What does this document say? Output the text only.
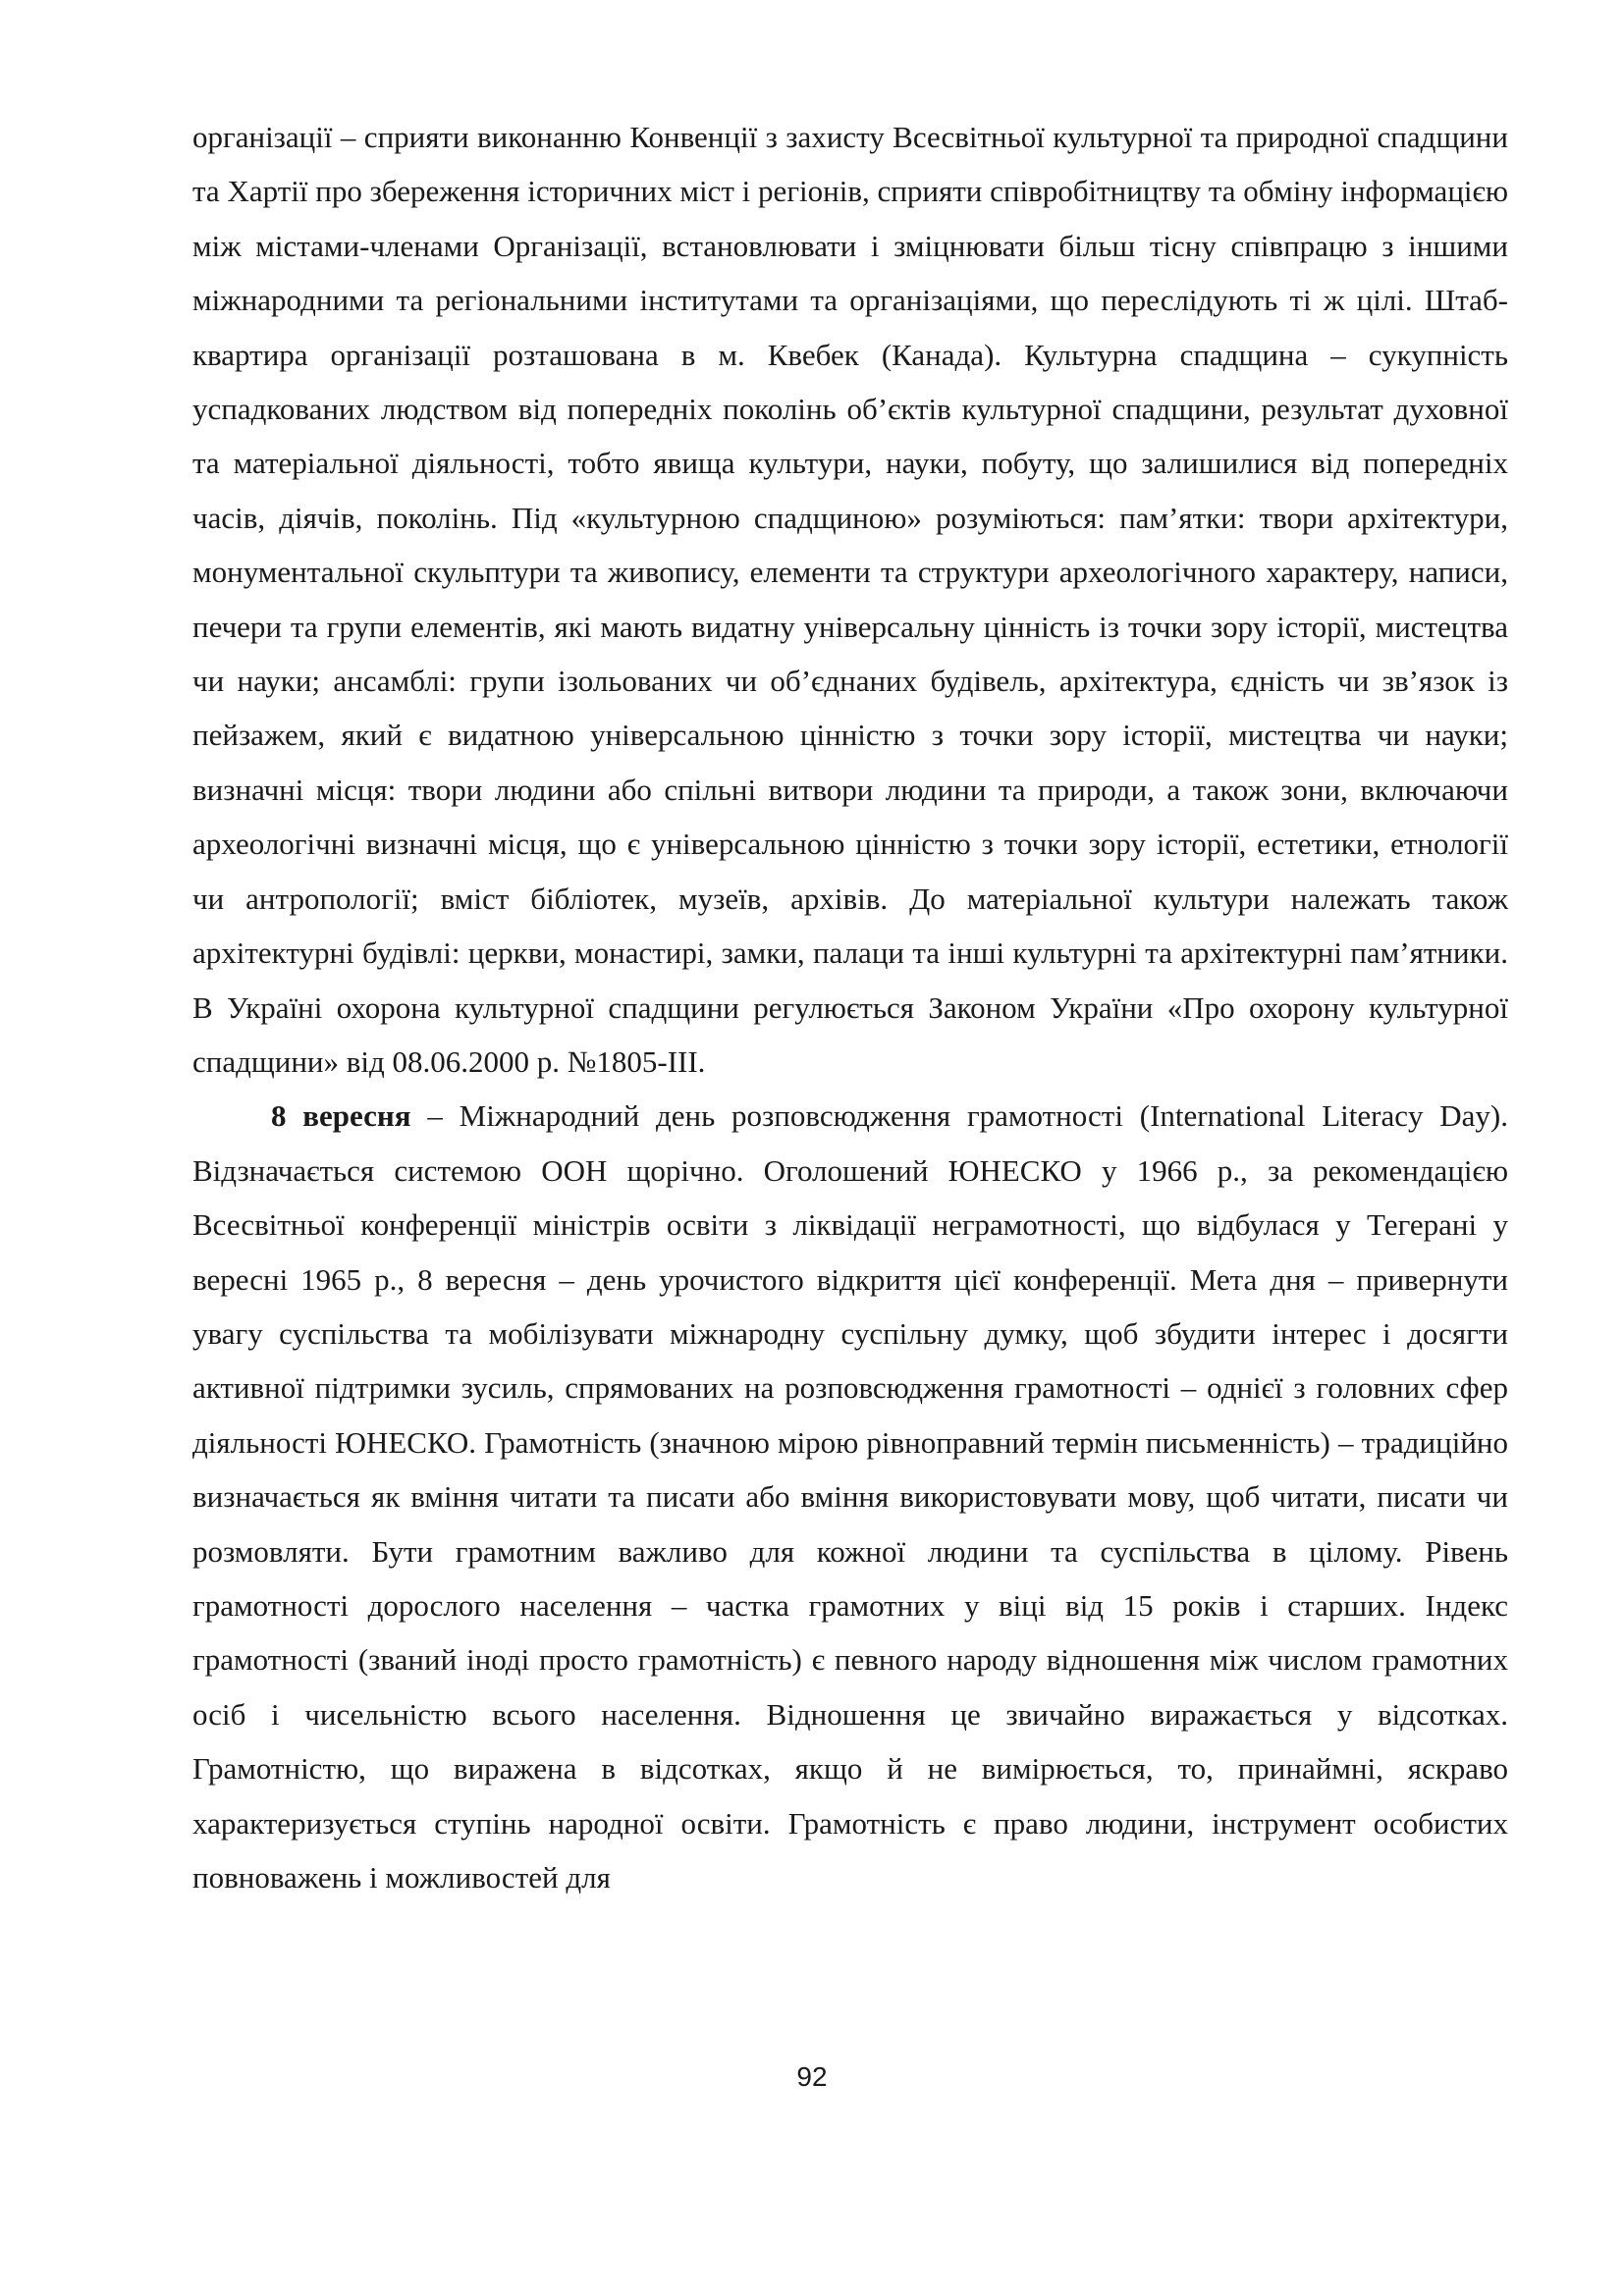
організації – сприяти виконанню Конвенції з захисту Всесвітньої культурної та природної спадщини та Хартії про збереження історичних міст і регіонів, сприяти співробітництву та обміну інформацією між містами-членами Організації, встановлювати і зміцнювати більш тісну співпрацю з іншими міжнародними та регіональними інститутами та організаціями, що переслідують ті ж цілі. Штаб-квартира організації розташована в м. Квебек (Канада). Культурна спадщина – сукупність успадкованих людством від попередніх поколінь об’єктів культурної спадщини, результат духовної та матеріальної діяльності, тобто явища культури, науки, побуту, що залишилися від попередніх часів, діячів, поколінь. Під «культурною спадщиною» розуміються: пам’ятки: твори архітектури, монументальної скульптури та живопису, елементи та структури археологічного характеру, написи, печери та групи елементів, які мають видатну універсальну цінність із точки зору історії, мистецтва чи науки; ансамблі: групи ізольованих чи об’єднаних будівель, архітектура, єдність чи зв’язок із пейзажем, який є видатною універсальною цінністю з точки зору історії, мистецтва чи науки; визначні місця: твори людини або спільні витвори людини та природи, а також зони, включаючи археологічні визначні місця, що є універсальною цінністю з точки зору історії, естетики, етнології чи антропології; вміст бібліотек, музеїв, архівів. До матеріальної культури належать також архітектурні будівлі: церкви, монастирі, замки, палаци та інші культурні та архітектурні пам’ятники. В Україні охорона культурної спадщини регулюється Законом України «Про охорону культурної спадщини» від 08.06.2000 р. №1805-ІІІ.

8 вересня – Міжнародний день розповсюдження грамотності (International Literacy Day). Відзначається системою ООН щорічно. Оголошений ЮНЕСКО у 1966 р., за рекомендацією Всесвітньої конференції міністрів освіти з ліквідації неграмотності, що відбулася у Тегерані у вересні 1965 р., 8 вересня – день урочистого відкриття цієї конференції. Мета дня – привернути увагу суспільства та мобілізувати міжнародну суспільну думку, щоб збудити інтерес і досягти активної підтримки зусиль, спрямованих на розповсюдження грамотності – однієї з головних сфер діяльності ЮНЕСКО. Грамотність (значною мірою рівноправний термін письменність) – традиційно визначається як вміння читати та писати або вміння використовувати мову, щоб читати, писати чи розмовляти. Бути грамотним важливо для кожної людини та суспільства в цілому. Рівень грамотності дорослого населення – частка грамотних у віці від 15 років і старших. Індекс грамотності (званий іноді просто грамотність) є певного народу відношення між числом грамотних осіб і чисельністю всього населення. Відношення це звичайно виражається у відсотках. Грамотністю, що виражена в відсотках, якщо й не вимірюється, то, принаймні, яскраво характеризується ступінь народної освіти. Грамотність є право людини, інструмент особистих повноважень і можливостей для

92
